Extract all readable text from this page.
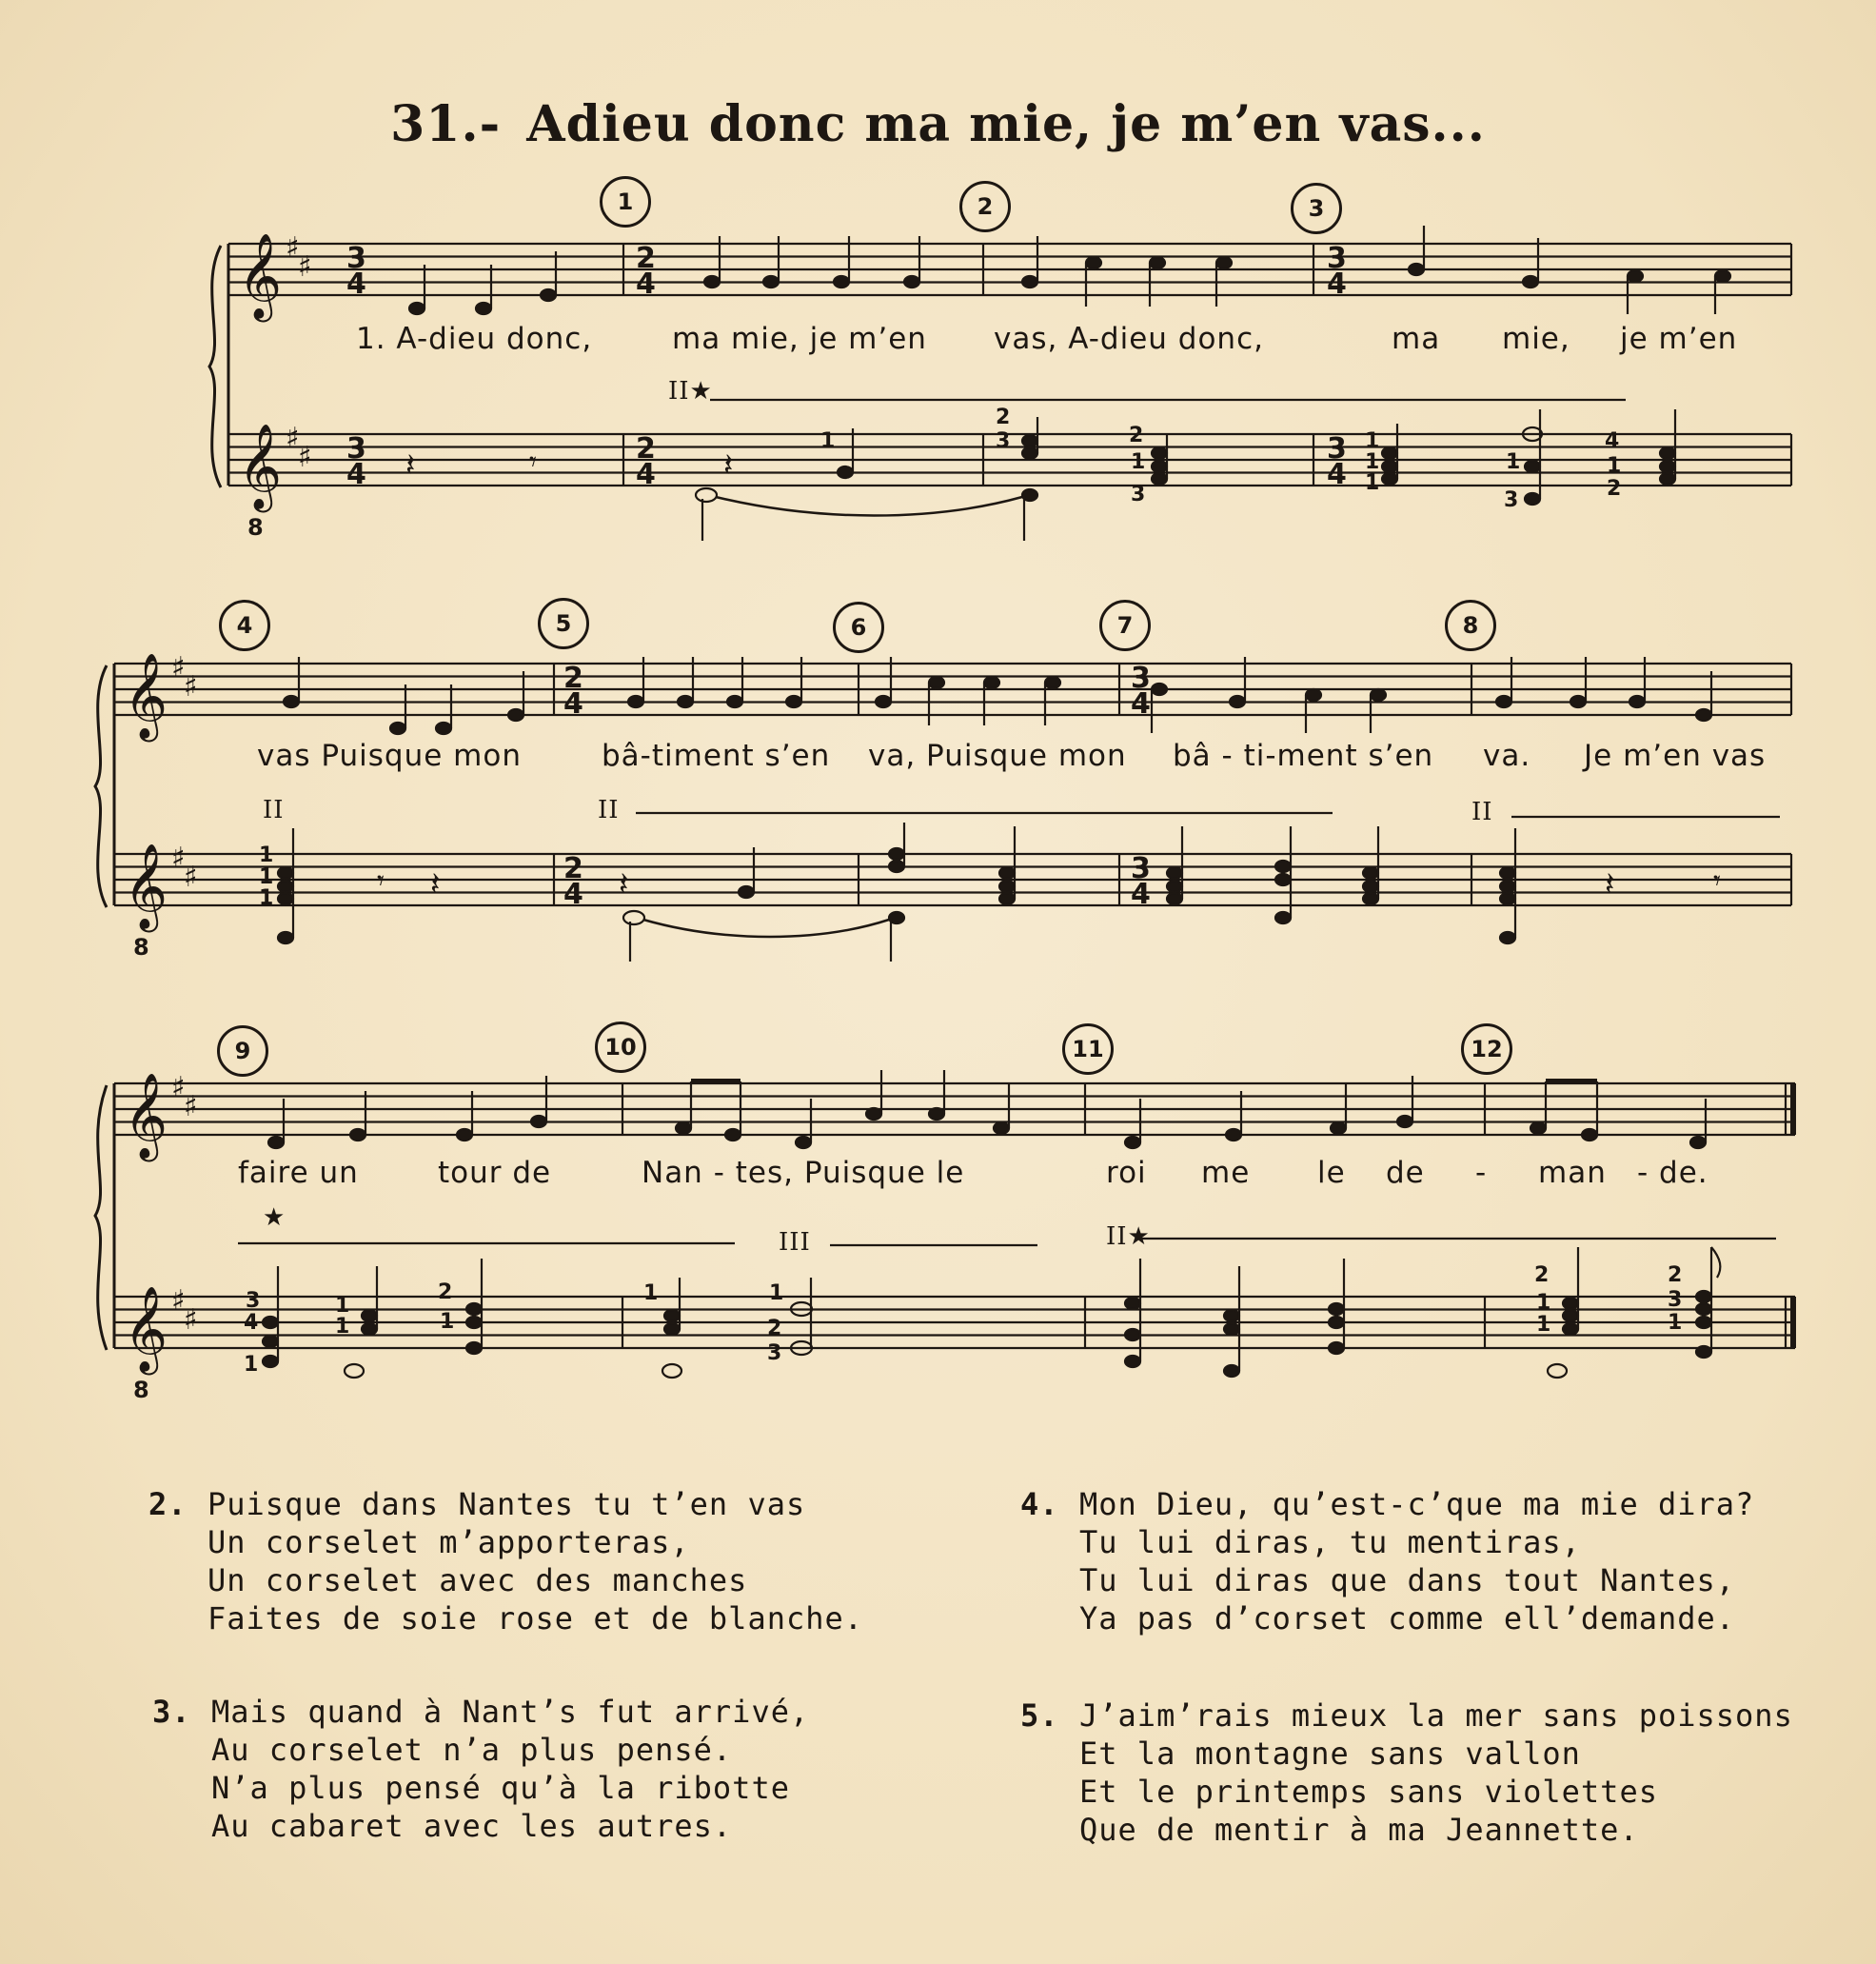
31.- Adieu donc ma mie, je m’en vas...
1	2	3
4	5	6	7	8
9	10	11	12
𝄞
𝄞
𝄞
𝄞
𝄞
𝄞
♯
♯
♯
♯
♯
♯
♯
♯
♯
♯
♯
♯
3
4
3
4
2
4
2
4
3
4
3
4
2
4
2
4
3
4
3
4
8
8
8
𝄽	𝄾	𝄽
𝄾 𝄽	𝄽	𝄽	𝄾
1
2
3	2
1
3
1
1
1
1
3
4
1
2
1
1
1
3
4
1
1
1
2
1
1	1
2
3
2
1
1
2
3
1
II★
II	II	II
★
III	II★
1. A-dieu donc,	ma mie, je m’en vas, A-dieu donc,	ma mie, je m’en
vas Puisque mon	bâ-timent s’en va, Puisque mon bâ - ti-ment s’en va. Je m’en vas
faire un	tour de	Nan - tes, Puisque le	roi me le de - man - de.
2. Puisque dans Nantes tu t’en vas
Un corselet m’apporteras,
Un corselet avec des manches
Faites de soie rose et de blanche.
4. Mon Dieu, qu’est-c’que ma mie dira?
Tu lui diras, tu mentiras,
Tu lui diras que dans tout Nantes,
Ya pas d’corset comme ell’demande.
3. Mais quand à Nant’s fut arrivé,
Au corselet n’a plus pensé.
N’a plus pensé qu’à la ribotte
Au cabaret avec les autres.
5. J’aim’rais mieux la mer sans poissons
Et la montagne sans vallon
Et le printemps sans violettes
Que de mentir à ma Jeannette.
